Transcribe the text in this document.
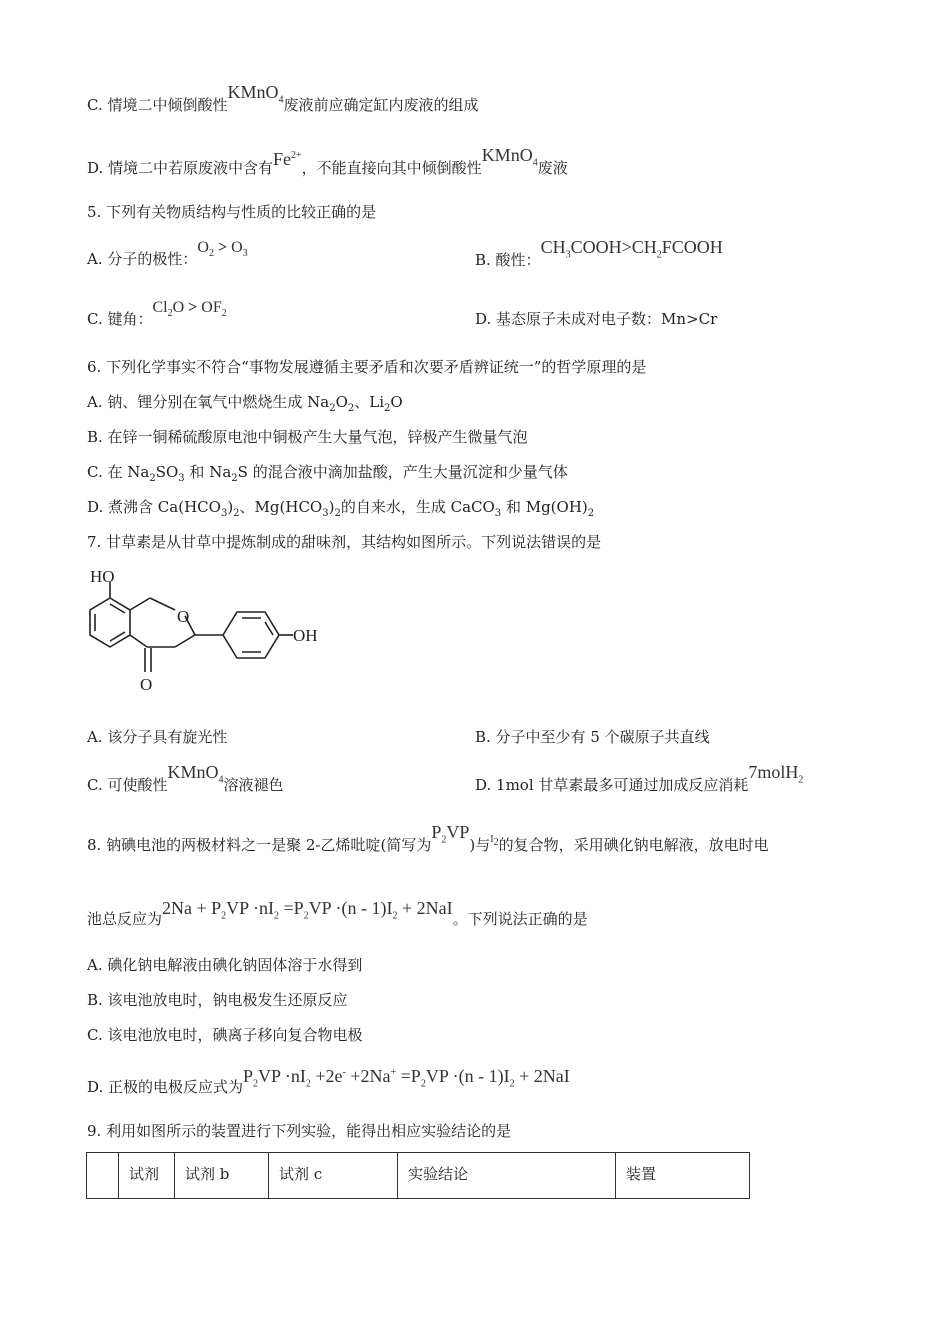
C. 情境二中倾倒酸性KMnO$_4$废液前应确定缸内废液的组成
D. 情境二中若原废液中含有$Fe^{2+}$，不能直接向其中倾倒酸性KMnO$_4$废液
5. 下列有关物质结构与性质的比较正确的是
A. 分子的极性：$O_2 > O_3$	B. 酸性：$CH_3COOH>CH_2FCOOH$
C. 键角：$Cl_2O > OF_2$	D. 基态原子未成对电子数：Mn>Cr
6. 下列化学事实不符合“事物发展遵循主要矛盾和次要矛盾辨证统一”的哲学原理的是
A. 钠、锂分别在氧气中燃烧生成 $Na_2O_2$、$Li_2O$
B. 在锌一铜稀硫酸原电池中铜极产生大量气泡，锌极产生微量气泡
C. 在 $Na_2SO_3$ 和 $Na_2S$ 的混合液中滴加盐酸，产生大量沉淀和少量气体
D. 煮沸含 $Ca(HCO_3)_2$、$Mg(HCO_3)_2$的自来水，生成 CaCO$_3$ 和 $Mg(OH)_2$
7. 甘草素是从甘草中提炼制成的甜味剂，其结构如图所示。下列说法错误的是
HO
O
OH
O
A. 该分子具有旋光性	B. 分子中至少有 5 个碳原子共直线
C. 可使酸性KMnO$_4$溶液褪色	D. 1mol 甘草素最多可通过加成反应消耗7molH$_2$
8. 钠碘电池的两极材料之一是聚 2-乙烯吡啶(简写为$P_2VP$)与$^{I_2}$的复合物，采用碘化钠电解液，放电时电
池总反应为$2Na + P_2VP \cdot nI_2 =P_2VP \cdot(n - 1)I_2 + 2NaI$。下列说法正确的是
A. 碘化钠电解液由碘化钠固体溶于水得到
B. 该电池放电时，钠电极发生还原反应
C. 该电池放电时，碘离子移向复合物电极
D. 正极的电极反应式为$P_2VP \cdot nI_2 +2e^- +2Na^+ =P_2VP \cdot(n - 1)I_2 + 2NaI$
9. 利用如图所示的装置进行下列实验，能得出相应实验结论的是
	试剂	试剂 b	试剂 c	实验结论	装置
